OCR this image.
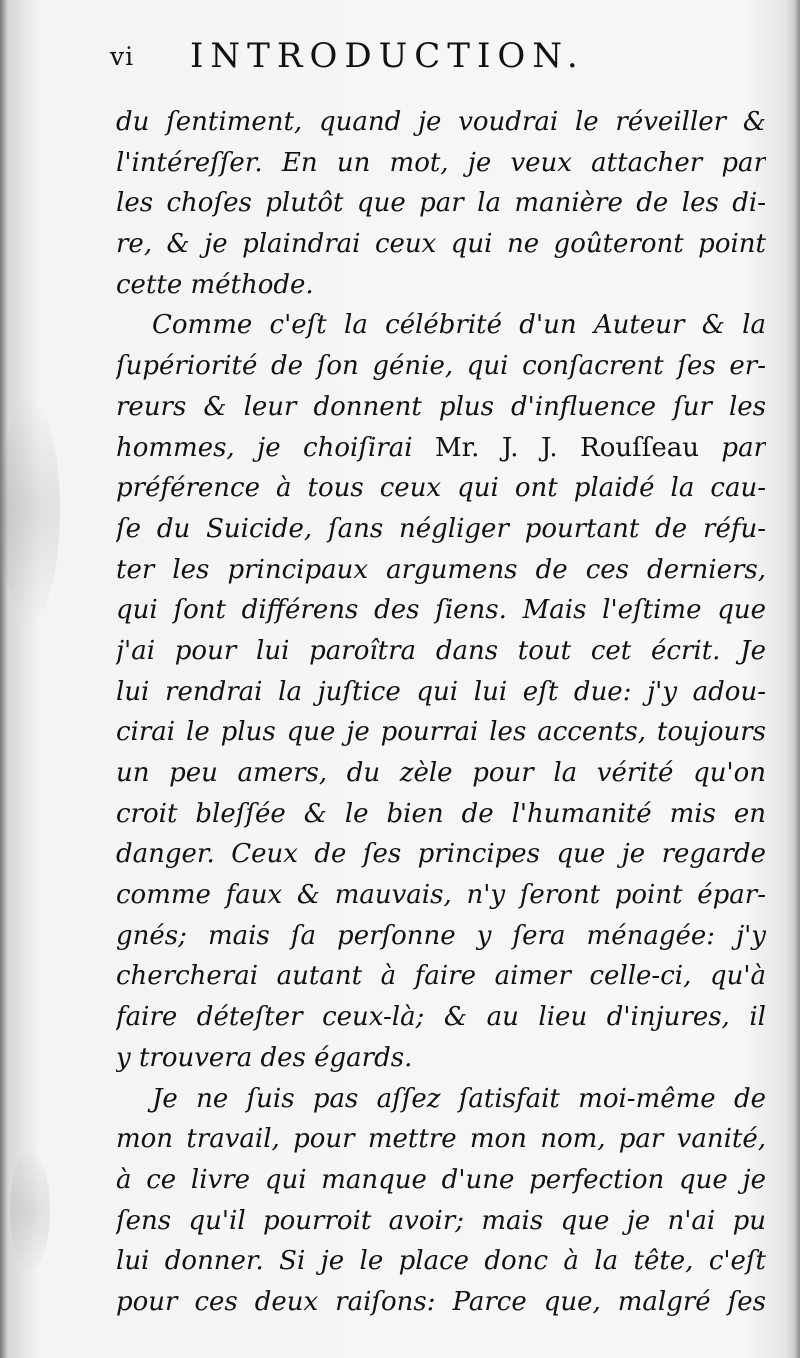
vi INTRODUCTION.
du ſentiment, quand je voudrai le réveiller &
l'intéreſſer. En un mot, je veux attacher par
les choſes plutôt que par la manière de les di-
re, & je plaindrai ceux qui ne goûteront point
cette méthode.
Comme c'eſt la célébrité d'un Auteur & la
ſupériorité de ſon génie, qui conſacrent ſes er-
reurs & leur donnent plus d'influence ſur les
hommes, je choiſirai Mr. J. J. Rouſſeau par
préférence à tous ceux qui ont plaidé la cau-
ſe du Suicide, ſans négliger pourtant de réfu-
ter les principaux argumens de ces derniers,
qui ſont différens des ſiens. Mais l'eſtime que
j'ai pour lui paroîtra dans tout cet écrit. Je
lui rendrai la juſtice qui lui eſt due: j'y adou-
cirai le plus que je pourrai les accents, toujours
un peu amers, du zèle pour la vérité qu'on
croit bleſſée & le bien de l'humanité mis en
danger. Ceux de ſes principes que je regarde
comme faux & mauvais, n'y ſeront point épar-
gnés; mais ſa perſonne y ſera ménagée: j'y
chercherai autant à faire aimer celle-ci, qu'à
faire déteſter ceux-là; & au lieu d'injures, il
y trouvera des égards.
Je ne ſuis pas aſſez ſatisfait moi-même de
mon travail, pour mettre mon nom, par vanité,
à ce livre qui manque d'une perfection que je
ſens qu'il pourroit avoir; mais que je n'ai pu
lui donner. Si je le place donc à la tête, c'eſt
pour ces deux raiſons: Parce que, malgré ſes
